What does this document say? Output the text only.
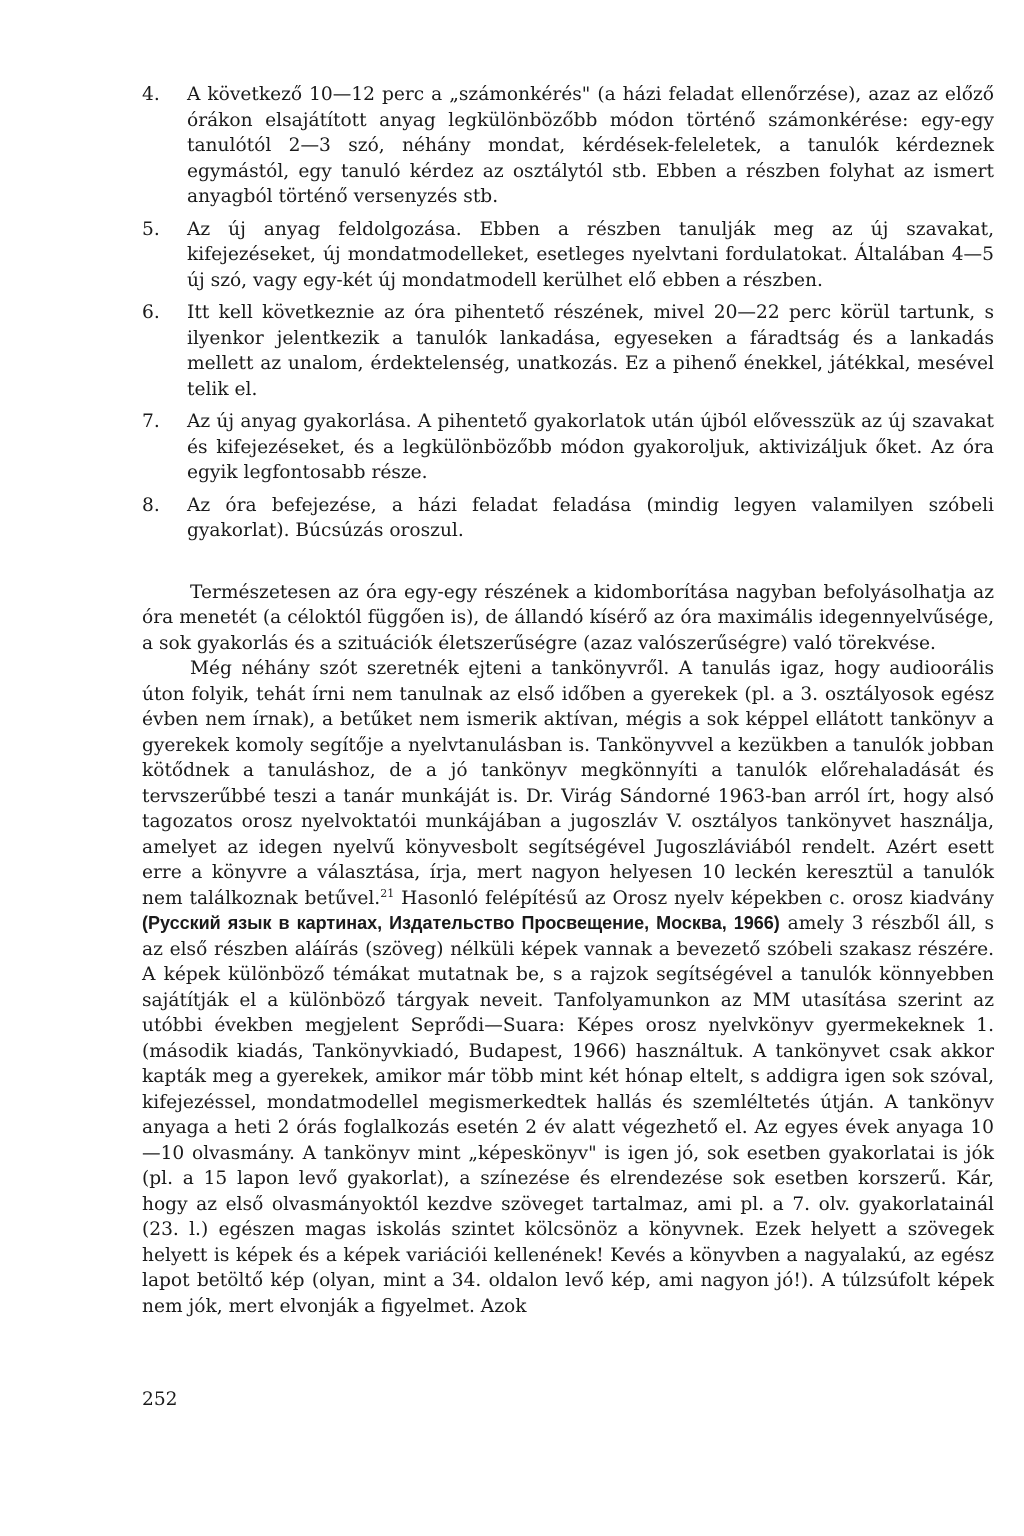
4. A következő 10—12 perc a „számonkérés" (a házi feladat ellenőrzése), azaz az előző órákon elsajátított anyag legkülönbözőbb módon történő számonkérése: egy-egy tanulótól 2—3 szó, néhány mondat, kérdések-feleletek, a tanulók kérdeznek egymástól, egy tanuló kérdez az osztálytól stb. Ebben a részben folyhat az ismert anyagból történő versenyzés stb.

5. Az új anyag feldolgozása. Ebben a részben tanulják meg az új szavakat, kifejezéseket, új mondatmodelleket, esetleges nyelvtani fordulatokat. Általában 4—5 új szó, vagy egy-két új mondatmodell kerülhet elő ebben a részben.

6. Itt kell következnie az óra pihentető részének, mivel 20—22 perc körül tartunk, s ilyenkor jelentkezik a tanulók lankadása, egyeseken a fáradtság és a lankadás mellett az unalom, érdektelenség, unatkozás. Ez a pihenő énekkel, játékkal, mesével telik el.

7. Az új anyag gyakorlása. A pihentető gyakorlatok után újból elővesszük az új szavakat és kifejezéseket, és a legkülönbözőbb módon gyakoroljuk, aktivizáljuk őket. Az óra egyik legfontosabb része.

8. Az óra befejezése, a házi feladat feladása (mindig legyen valamilyen szóbeli gyakorlat). Búcsúzás oroszul.

Természetesen az óra egy-egy részének a kidomborítása nagyban befolyásolhatja az óra menetét (a céloktól függően is), de állandó kísérő az óra maximális idegennyelvűsége, a sok gyakorlás és a szituációk életszerűségre (azaz valószerűségre) való törekvése.

Még néhány szót szeretnék ejteni a tankönyvről. A tanulás igaz, hogy audioorális úton folyik, tehát írni nem tanulnak az első időben a gyerekek (pl. a 3. osztályosok egész évben nem írnak), a betűket nem ismerik aktívan, mégis a sok képpel ellátott tankönyv a gyerekek komoly segítője a nyelvtanulásban is. Tankönyvvel a kezükben a tanulók jobban kötődnek a tanuláshoz, de a jó tankönyv megkönnyíti a tanulók előrehaladását és tervszerűbbé teszi a tanár munkáját is. Dr. Virág Sándorné 1963-ban arról írt, hogy alsó tagozatos orosz nyelvoktatói munkájában a jugoszláv V. osztályos tankönyvet használja, amelyet az idegen nyelvű könyvesbolt segítségével Jugoszláviából rendelt. Azért esett erre a könyvre a választása, írja, mert nagyon helyesen 10 leckén keresztül a tanulók nem találkoznak betűvel.$^{21}$ Hasonló felépítésű az Orosz nyelv képekben c. orosz kiadvány (Русский язык в картинах, Издательство Просвещение, Москва, 1966) amely 3 részből áll, s az első részben aláírás (szöveg) nélküli képek vannak a bevezető szóbeli szakasz részére. A képek különböző témákat mutatnak be, s a rajzok segítségével a tanulók könnyebben sajátítják el a különböző tárgyak neveit. Tanfolyamunkon az MM utasítása szerint az utóbbi években megjelent Seprődi—Suara: Képes orosz nyelvkönyv gyermekeknek 1. (második kiadás, Tankönyvkiadó, Budapest, 1966) használtuk. A tankönyvet csak akkor kapták meg a gyerekek, amikor már több mint két hónap eltelt, s addigra igen sok szóval, kifejezéssel, mondatmodellel megismerkedtek hallás és szemléltetés útján. A tankönyv anyaga a heti 2 órás foglalkozás esetén 2 év alatt végezhető el. Az egyes évek anyaga 10—10 olvasmány. A tankönyv mint „képeskönyv" is igen jó, sok esetben gyakorlatai is jók (pl. a 15 lapon levő gyakorlat), a színezése és elrendezése sok esetben korszerű. Kár, hogy az első olvasmányoktól kezdve szöveget tartalmaz, ami pl. a 7. olv. gyakorlatainál (23. l.) egészen magas iskolás szintet kölcsönöz a könyvnek. Ezek helyett a szövegek helyett is képek és a képek variációi kellenének! Kevés a könyvben a nagyalakú, az egész lapot betöltő kép (olyan, mint a 34. oldalon levő kép, ami nagyon jó!). A túlzsúfolt képek nem jók, mert elvonják a figyelmet. Azok

252
